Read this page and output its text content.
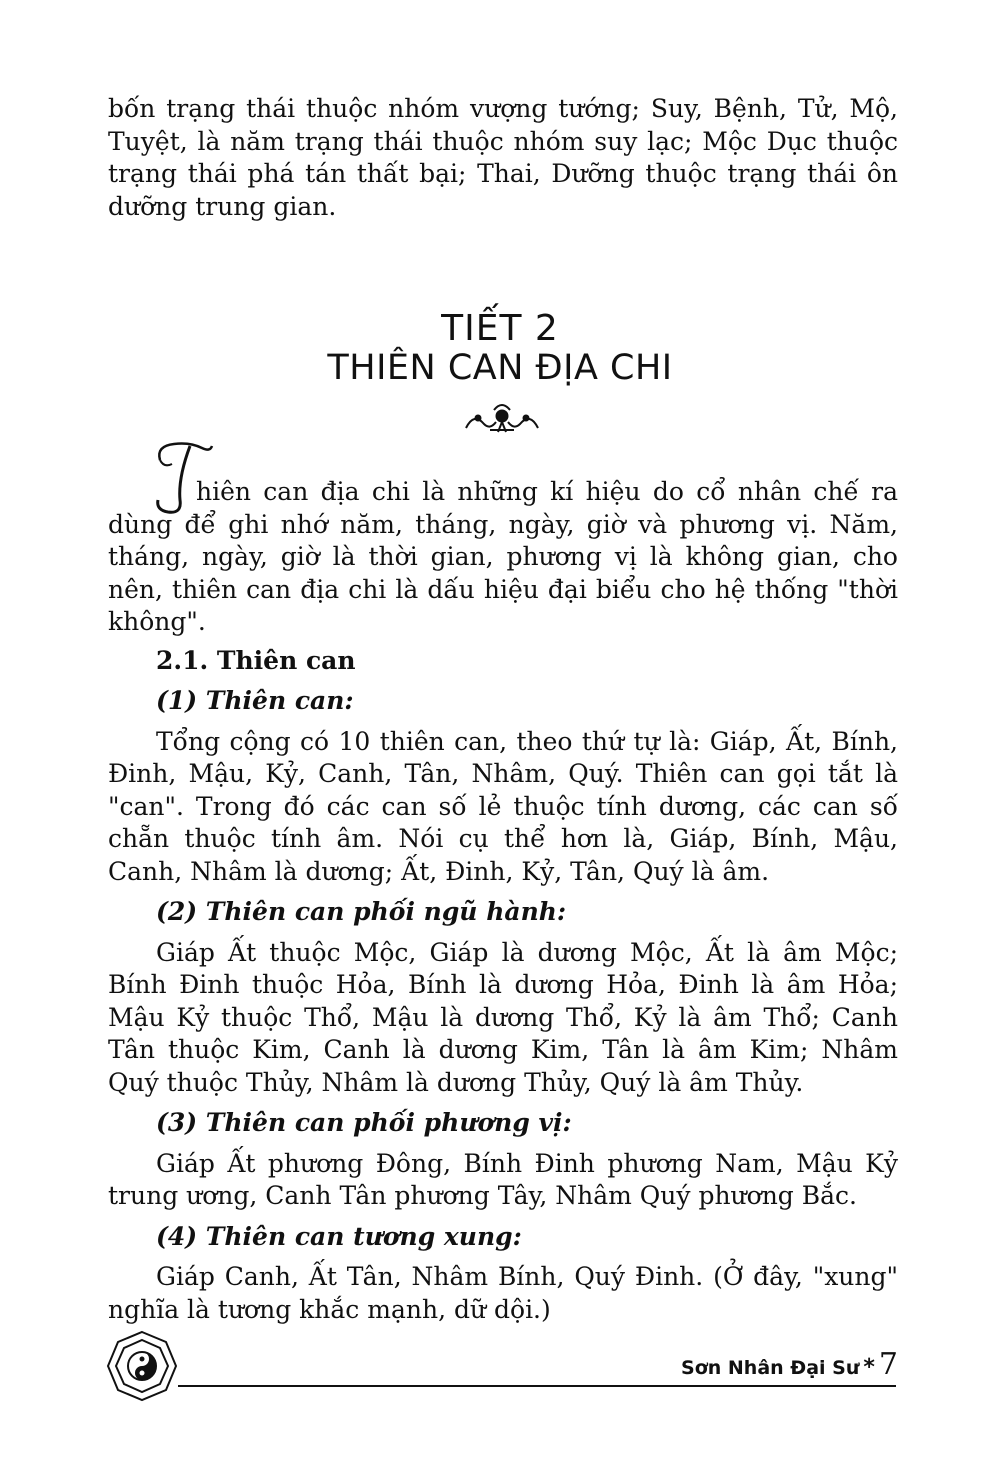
bốn trạng thái thuộc nhóm vượng tướng; Suy, Bệnh, Tử, Mộ, Tuyệt, là năm trạng thái thuộc nhóm suy lạc; Mộc Dục thuộc trạng thái phá tán thất bại; Thai, Dưỡng thuộc trạng thái ôn dưỡng trung gian.
TIẾT 2
THIÊN CAN ĐỊA CHI
T

hiên can địa chi là những kí hiệu do cổ nhân chế ra dùng để ghi nhớ năm, tháng, ngày, giờ và phương vị. Năm, tháng, ngày, giờ là thời gian, phương vị là không gian, cho nên, thiên can địa chi là dấu hiệu đại biểu cho hệ thống "thời không".

2.1. Thiên can

(1) Thiên can:

Tổng cộng có 10 thiên can, theo thứ tự là: Giáp, Ất, Bính, Đinh, Mậu, Kỷ, Canh, Tân, Nhâm, Quý. Thiên can gọi tắt là "can". Trong đó các can số lẻ thuộc tính dương, các can số chẵn thuộc tính âm. Nói cụ thể hơn là, Giáp, Bính, Mậu, Canh, Nhâm là dương; Ất, Đinh, Kỷ, Tân, Quý là âm.

(2) Thiên can phối ngũ hành:

Giáp Ất thuộc Mộc, Giáp là dương Mộc, Ất là âm Mộc; Bính Đinh thuộc Hỏa, Bính là dương Hỏa, Đinh là âm Hỏa; Mậu Kỷ thuộc Thổ, Mậu là dương Thổ, Kỷ là âm Thổ; Canh Tân thuộc Kim, Canh là dương Kim, Tân là âm Kim; Nhâm Quý thuộc Thủy, Nhâm là dương Thủy, Quý là âm Thủy.

(3) Thiên can phối phương vị:

Giáp Ất phương Đông, Bính Đinh phương Nam, Mậu Kỷ trung ương, Canh Tân phương Tây, Nhâm Quý phương Bắc.

(4) Thiên can tương xung:

Giáp Canh, Ất Tân, Nhâm Bính, Quý Đinh. (Ở đây, "xung" nghĩa là tương khắc mạnh, dữ dội.)

Sơn Nhân Đại Sư * 7
